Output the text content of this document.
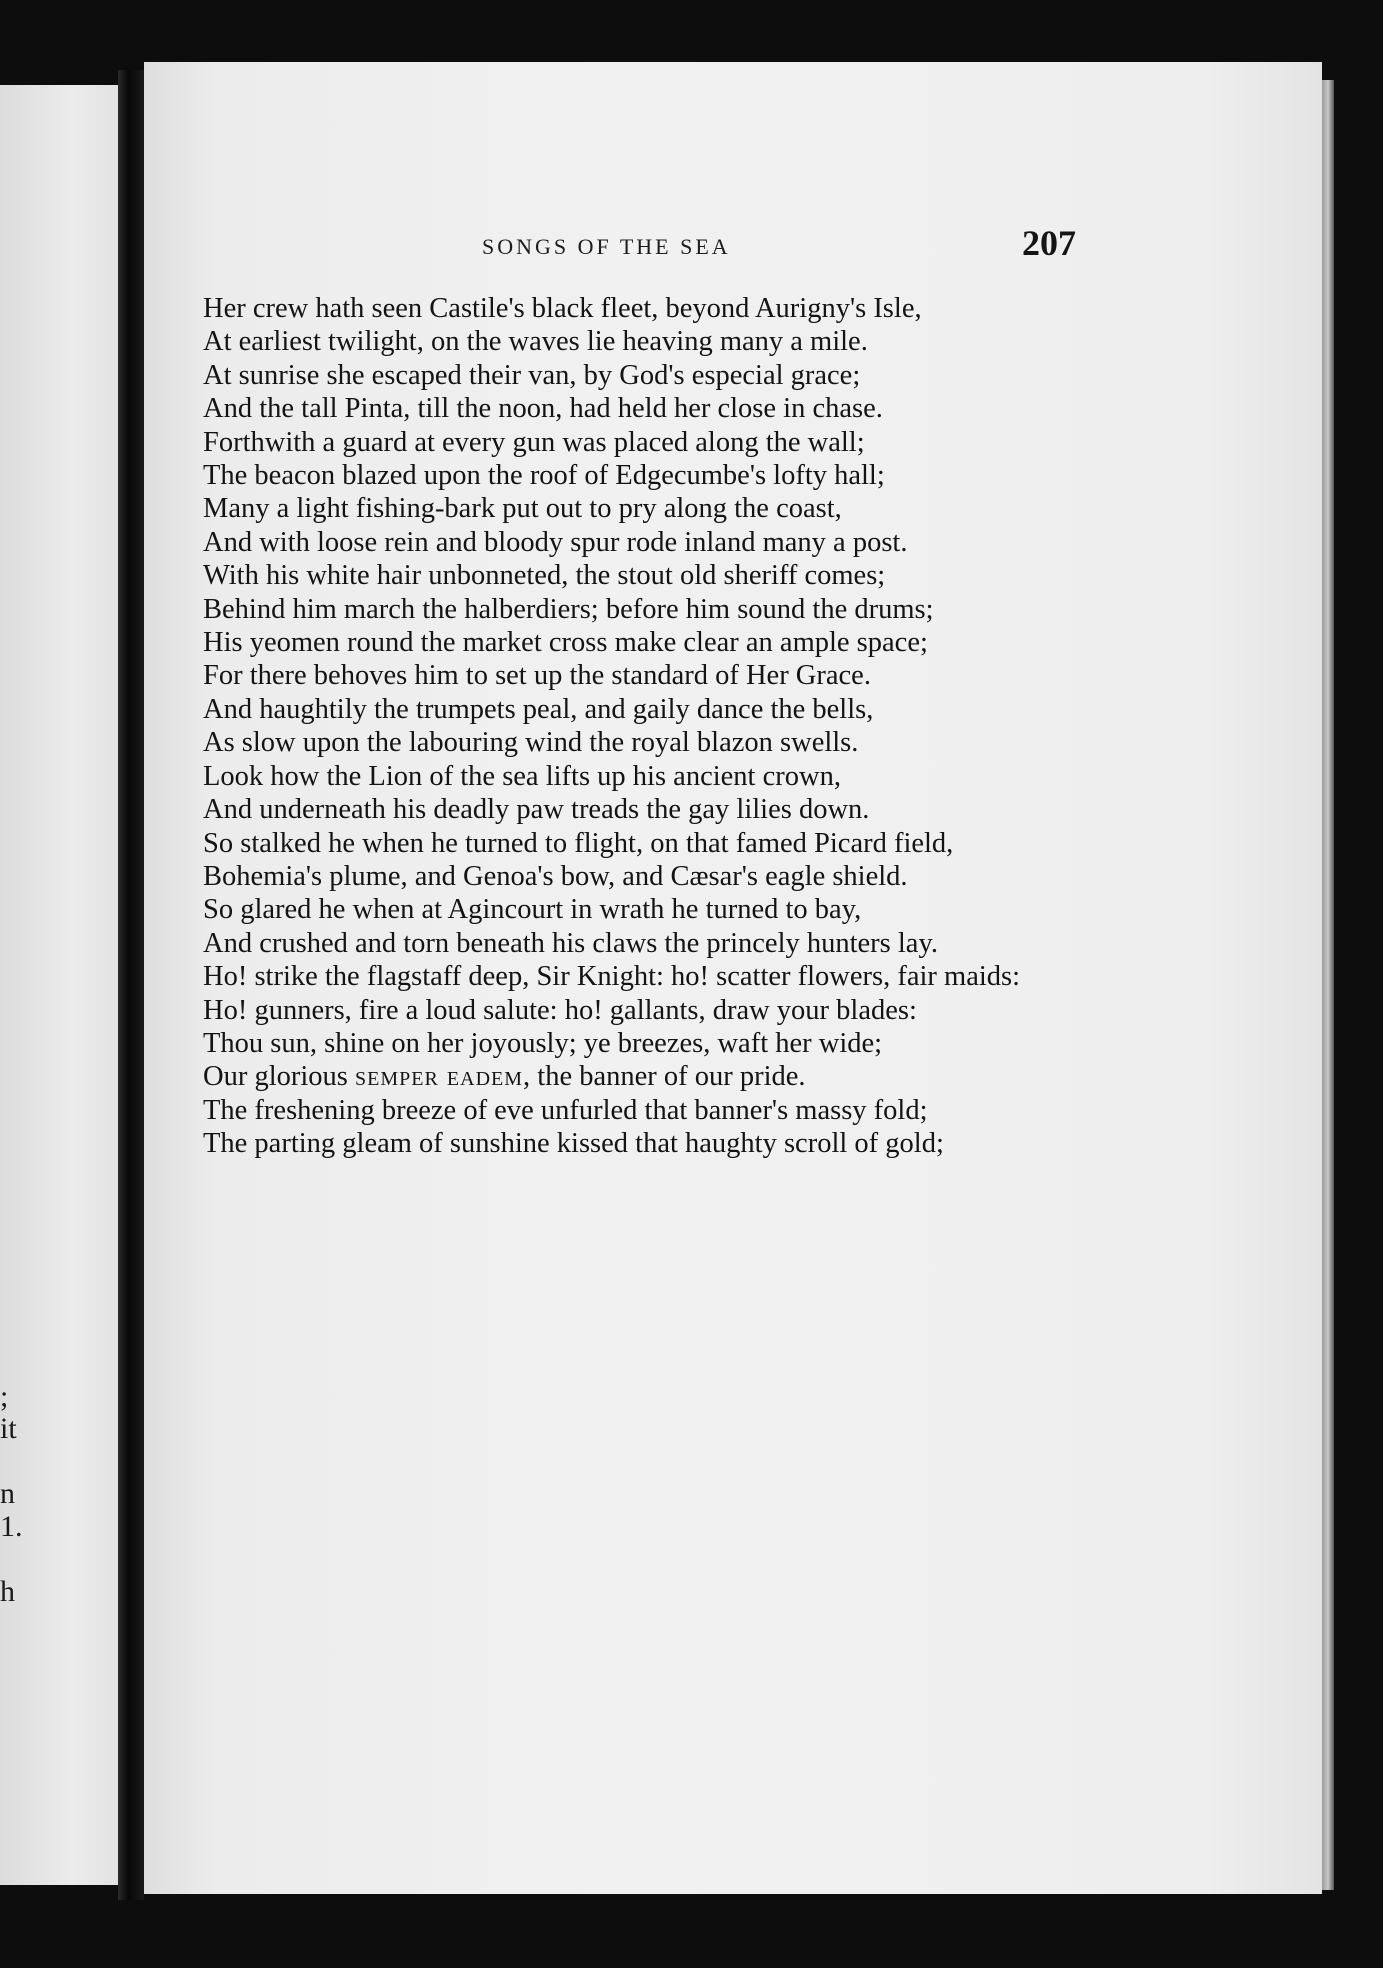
;
it
n
1.
h
SONGS OF THE SEA	207

Her crew hath seen Castile's black fleet, beyond Aurigny's Isle,

At earliest twilight, on the waves lie heaving many a mile.

At sunrise she escaped their van, by God's especial grace;

And the tall Pinta, till the noon, had held her close in chase.

Forthwith a guard at every gun was placed along the wall;

The beacon blazed upon the roof of Edgecumbe's lofty hall;

Many a light fishing-bark put out to pry along the coast,

And with loose rein and bloody spur rode inland many a post.

With his white hair unbonneted, the stout old sheriff comes;

Behind him march the halberdiers; before him sound the drums;

His yeomen round the market cross make clear an ample space;

For there behoves him to set up the standard of Her Grace.

And haughtily the trumpets peal, and gaily dance the bells,

As slow upon the labouring wind the royal blazon swells.

Look how the Lion of the sea lifts up his ancient crown,

And underneath his deadly paw treads the gay lilies down.

So stalked he when he turned to flight, on that famed Picard field,

Bohemia's plume, and Genoa's bow, and Cæsar's eagle shield.

So glared he when at Agincourt in wrath he turned to bay,

And crushed and torn beneath his claws the princely hunters lay.

Ho! strike the flagstaff deep, Sir Knight: ho! scatter flowers, fair maids:

Ho! gunners, fire a loud salute: ho! gallants, draw your blades:

Thou sun, shine on her joyously; ye breezes, waft her wide;

Our glorious semper eadem, the banner of our pride.

The freshening breeze of eve unfurled that banner's massy fold;

The parting gleam of sunshine kissed that haughty scroll of gold;
